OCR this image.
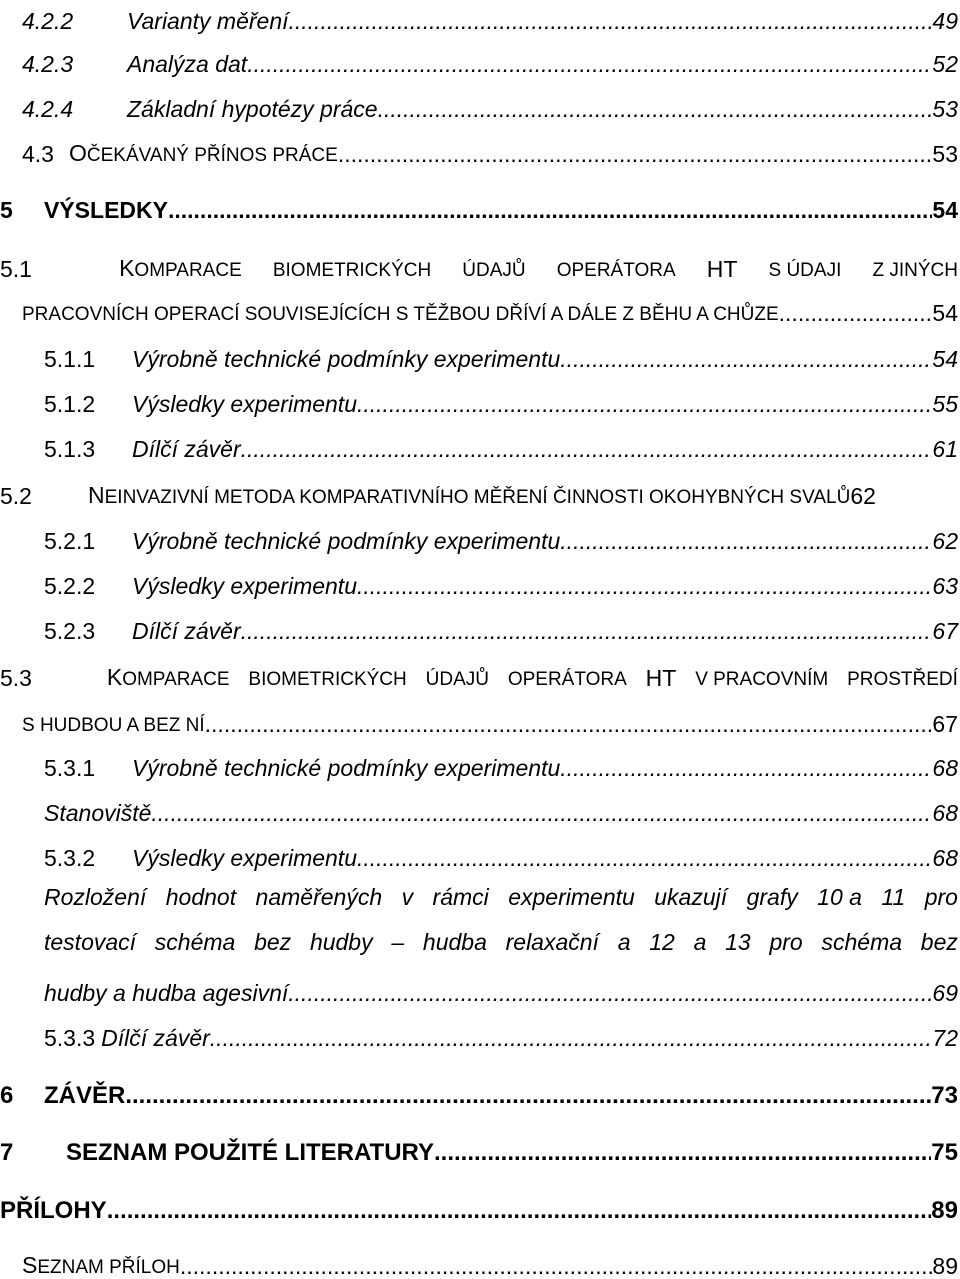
4.2.2	Varianty měření .....	49
4.2.3	Analýza dat .....	52
4.2.4	Základní hypotézy práce .....	53
4.3 OČEKÁVANÝ PŘÍNOS PRÁCE .....	53
5	VÝSLEDKY .....	54
5.1	KOMPARACE BIOMETRICKÝCH ÚDAJŮ OPERÁTORA HT S ÚDAJI Z JINÝCH
PRACOVNÍCH OPERACÍ SOUVISEJÍCÍCH S TĚŽBOU DŘÍVÍ A DÁLE Z BĚHU A CHŮZE .....	54
5.1.1	Výrobně technické podmínky experimentu .....	54
5.1.2	Výsledky experimentu .....	55
5.1.3	Dílčí závěr .....	61
5.2	NEINVAZIVNÍ METODA KOMPARATIVNÍHO MĚŘENÍ ČINNOSTI OKOHYBNÝCH SVALŮ 62
5.2.1	Výrobně technické podmínky experimentu .....	62
5.2.2	Výsledky experimentu .....	63
5.2.3	Dílčí závěr .....	67
5.3	KOMPARACE BIOMETRICKÝCH ÚDAJŮ OPERÁTORA HT V PRACOVNÍM PROSTŘEDÍ
S HUDBOU A BEZ NÍ .....	67
5.3.1	Výrobně technické podmínky experimentu .....	68
Stanoviště .....	68
5.3.2	Výsledky experimentu .....	68
Rozložení hodnot naměřených v rámci experimentu ukazují grafy 10 a 11 pro
testovací schéma bez hudby – hudba relaxační a 12 a 13 pro schéma bez
hudby a hudba agesivní. .....	69
5.3.3 Dílčí závěr .....	72
6	ZÁVĚR .....	73
7	SEZNAM POUŽITÉ LITERATURY .....	75
PŘÍLOHY .....	89
SEZNAM PŘÍLOH .....	89
